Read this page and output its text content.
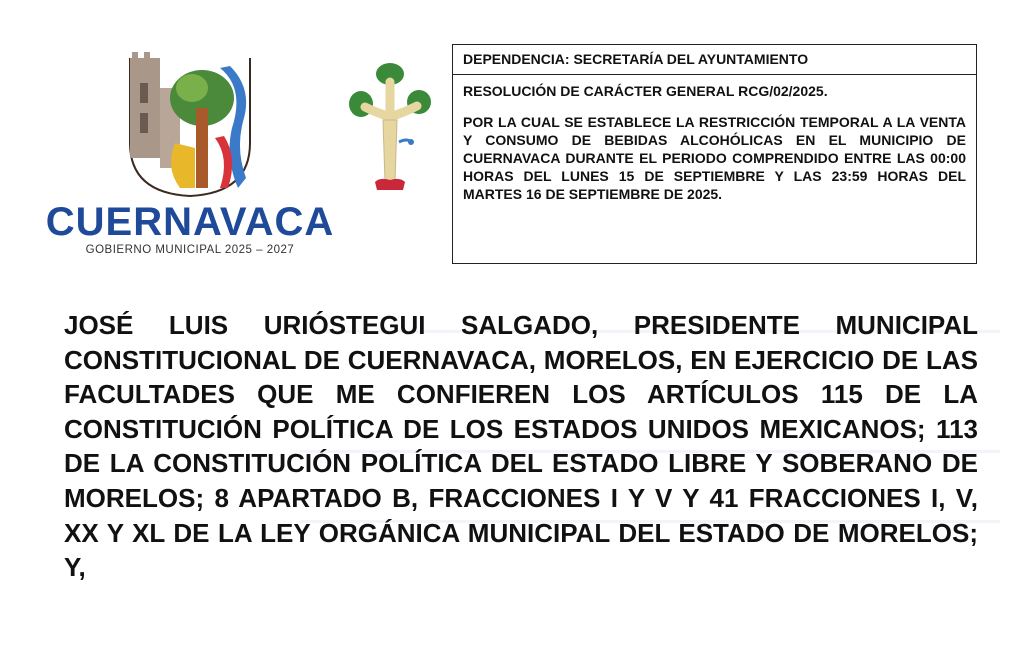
CUERNAVACA
GOBIERNO MUNICIPAL 2025 – 2027
DEPENDENCIA: SECRETARÍA DEL AYUNTAMIENTO
RESOLUCIÓN DE CARÁCTER GENERAL RCG/02/2025.
POR LA CUAL SE ESTABLECE LA RESTRICCIÓN TEMPORAL A LA VENTA Y CONSUMO DE BEBIDAS ALCOHÓLICAS EN EL MUNICIPIO DE CUERNAVACA DURANTE EL PERIODO COMPRENDIDO ENTRE LAS 00:00 HORAS DEL LUNES 15 DE SEPTIEMBRE Y LAS 23:59 HORAS DEL MARTES 16 DE SEPTIEMBRE DE 2025.
JOSÉ LUIS URIÓSTEGUI SALGADO, PRESIDENTE MUNICIPAL CONSTITUCIONAL DE CUERNAVACA, MORELOS, EN EJERCICIO DE LAS FACULTADES QUE ME CONFIEREN LOS ARTÍCULOS 115 DE LA CONSTITUCIÓN POLÍTICA DE LOS ESTADOS UNIDOS MEXICANOS; 113 DE LA CONSTITUCIÓN POLÍTICA DEL ESTADO LIBRE Y SOBERANO DE MORELOS; 8 APARTADO B, FRACCIONES I Y V Y 41 FRACCIONES I, V, XX Y XL DE LA LEY ORGÁNICA MUNICIPAL DEL ESTADO DE MORELOS; Y,
